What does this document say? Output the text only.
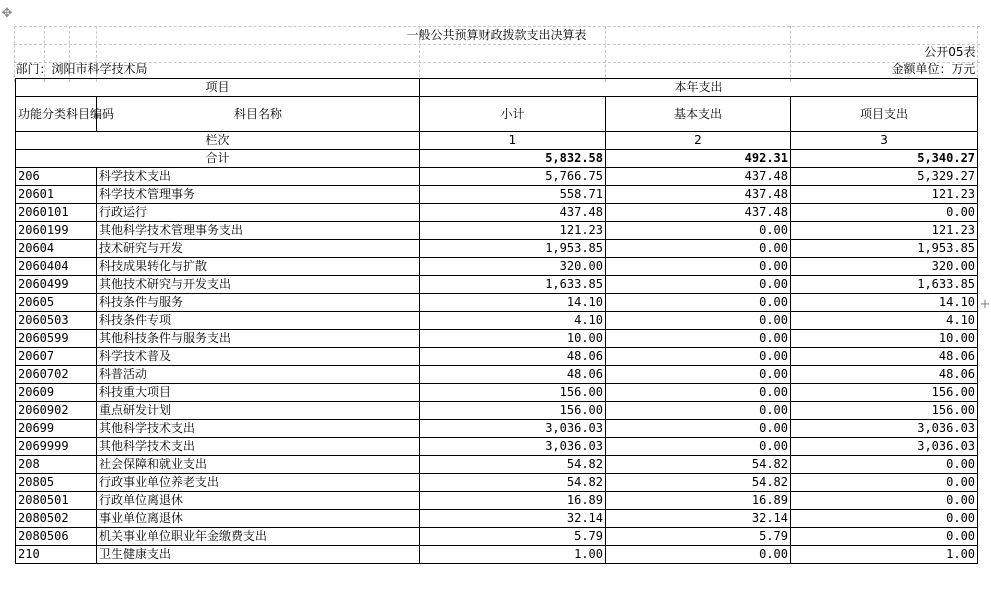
✥
+
一般公共预算财政拨款支出决算表				
公开05表				
部门：浏阳市科学技术局				金额单位：万元
项目		本年支出		
功能分类科目编码	科目名称	小计	基本支出	项目支出
栏次		1	2	3
合计		5,832.58	492.31	5,340.27
206	科学技术支出	5,766.75	437.48	5,329.27
20601	科学技术管理事务	558.71	437.48	121.23
2060101	行政运行	437.48	437.48	0.00
2060199	其他科学技术管理事务支出	121.23	0.00	121.23
20604	技术研究与开发	1,953.85	0.00	1,953.85
2060404	科技成果转化与扩散	320.00	0.00	320.00
2060499	其他技术研究与开发支出	1,633.85	0.00	1,633.85
20605	科技条件与服务	14.10	0.00	14.10
2060503	科技条件专项	4.10	0.00	4.10
2060599	其他科技条件与服务支出	10.00	0.00	10.00
20607	科学技术普及	48.06	0.00	48.06
2060702	科普活动	48.06	0.00	48.06
20609	科技重大项目	156.00	0.00	156.00
2060902	重点研发计划	156.00	0.00	156.00
20699	其他科学技术支出	3,036.03	0.00	3,036.03
2069999	其他科学技术支出	3,036.03	0.00	3,036.03
208	社会保障和就业支出	54.82	54.82	0.00
20805	行政事业单位养老支出	54.82	54.82	0.00
2080501	行政单位离退休	16.89	16.89	0.00
2080502	事业单位离退休	32.14	32.14	0.00
2080506	机关事业单位职业年金缴费支出	5.79	5.79	0.00
210	卫生健康支出	1.00	0.00	1.00
